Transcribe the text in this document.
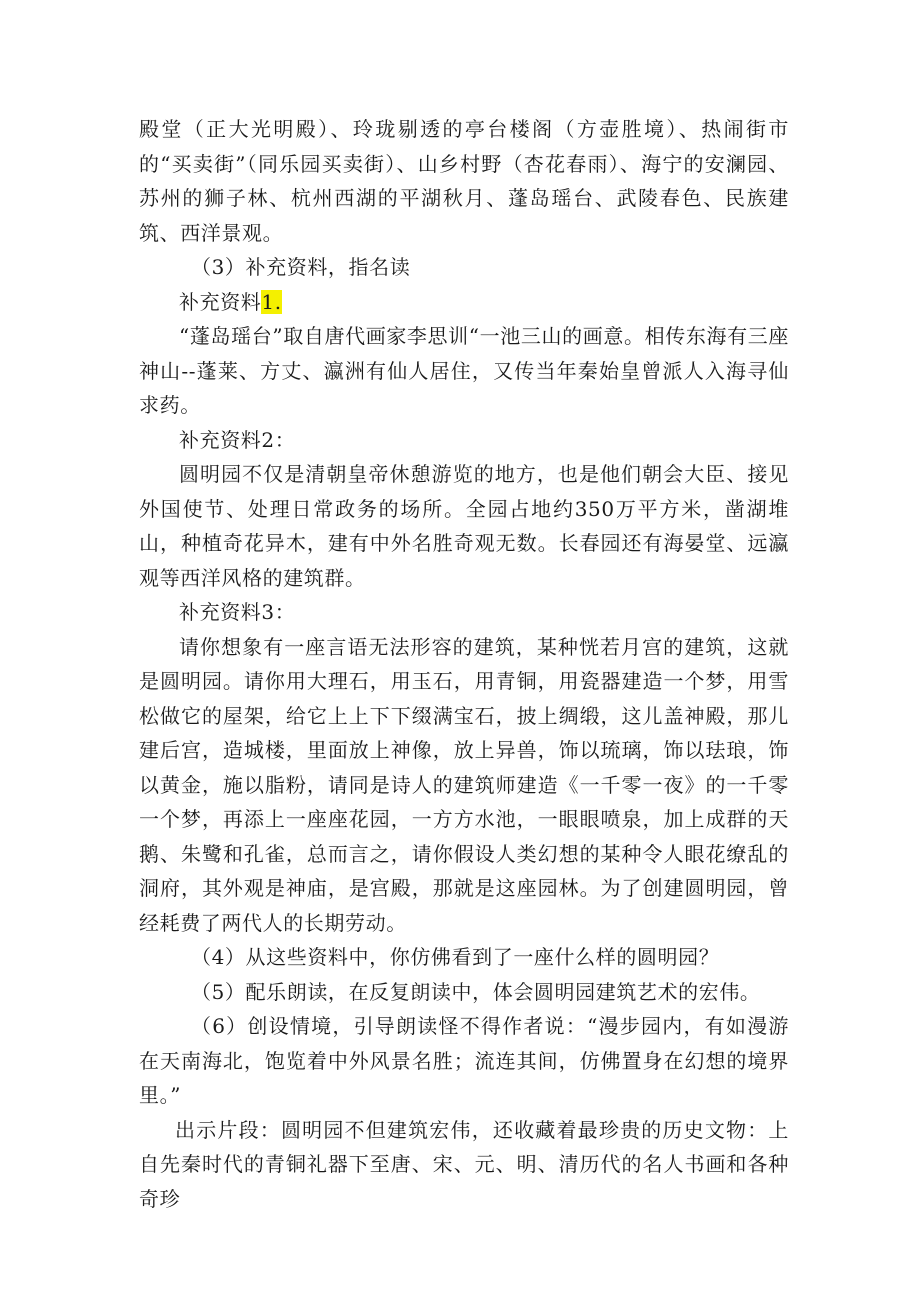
殿堂（正大光明殿）、玲珑剔透的亭台楼阁（方壶胜境）、热闹街市的“买卖街”（同乐园买卖街）、山乡村野（杏花春雨）、海宁的安澜园、苏州的狮子林、杭州西湖的平湖秋月、蓬岛瑶台、武陵春色、民族建筑、西洋景观。

（3）补充资料，指名读

补充资料1.

“蓬岛瑶台”取自唐代画家李思训“一池三山的画意。相传东海有三座神山--蓬莱、方丈、瀛洲有仙人居住，又传当年秦始皇曾派人入海寻仙求药。

补充资料2：

圆明园不仅是清朝皇帝休憩游览的地方，也是他们朝会大臣、接见外国使节、处理日常政务的场所。全园占地约350万平方米，凿湖堆山，种植奇花异木，建有中外名胜奇观无数。长春园还有海晏堂、远瀛观等西洋风格的建筑群。

补充资料3：

请你想象有一座言语无法形容的建筑，某种恍若月宫的建筑，这就是圆明园。请你用大理石，用玉石，用青铜，用瓷器建造一个梦，用雪松做它的屋架，给它上上下下缀满宝石，披上绸缎，这儿盖神殿，那儿建后宫，造城楼，里面放上神像，放上异兽，饰以琉璃，饰以珐琅，饰以黄金，施以脂粉，请同是诗人的建筑师建造《一千零一夜》的一千零一个梦，再添上一座座花园，一方方水池，一眼眼喷泉，加上成群的天鹅、朱鹭和孔雀，总而言之，请你假设人类幻想的某种令人眼花缭乱的洞府，其外观是神庙，是宫殿，那就是这座园林。为了创建圆明园，曾经耗费了两代人的长期劳动。

（4）从这些资料中，你仿佛看到了一座什么样的圆明园？

（5）配乐朗读，在反复朗读中，体会圆明园建筑艺术的宏伟。

（6）创设情境，引导朗读怪不得作者说：“漫步园内，有如漫游在天南海北，饱览着中外风景名胜；流连其间，仿佛置身在幻想的境界里。”

出示片段：圆明园不但建筑宏伟，还收藏着最珍贵的历史文物：上自先秦时代的青铜礼器下至唐、宋、元、明、清历代的名人书画和各种奇珍
